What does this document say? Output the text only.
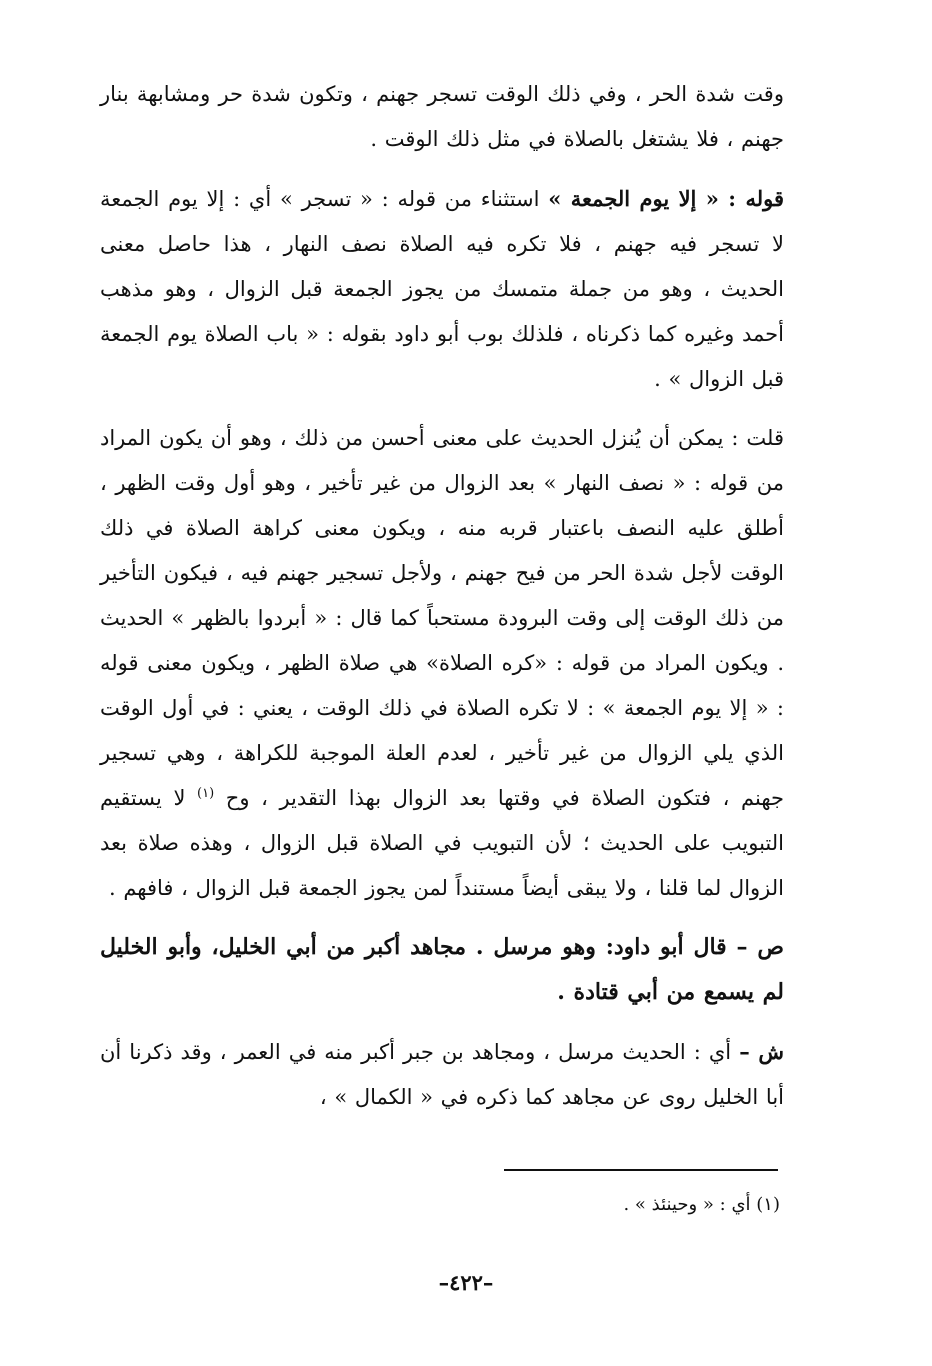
وقت شدة الحر ، وفي ذلك الوقت تسجر جهنم ، وتكون شدة حر ومشابهة بنار جهنم ، فلا يشتغل بالصلاة في مثل ذلك الوقت .

قوله : « إلا يوم الجمعة » استثناء من قوله : « تسجر » أي : إلا يوم الجمعة لا تسجر فيه جهنم ، فلا تكره فيه الصلاة نصف النهار ، هذا حاصل معنى الحديث ، وهو من جملة متمسك من يجوز الجمعة قبل الزوال ، وهو مذهب أحمد وغيره كما ذكرناه ، فلذلك بوب أبو داود بقوله : « باب الصلاة يوم الجمعة قبل الزوال » .

قلت : يمكن أن يُنزل الحديث على معنى أحسن من ذلك ، وهو أن يكون المراد من قوله : « نصف النهار » بعد الزوال من غير تأخير ، وهو أول وقت الظهر ، أطلق عليه النصف باعتبار قربه منه ، ويكون معنى كراهة الصلاة في ذلك الوقت لأجل شدة الحر من فيح جهنم ، ولأجل تسجير جهنم فيه ، فيكون التأخير من ذلك الوقت إلى وقت البرودة مستحباً كما قال : « أبردوا بالظهر » الحديث . ويكون المراد من قوله : «كره الصلاة» هي صلاة الظهر ، ويكون معنى قوله : « إلا يوم الجمعة » : لا تكره الصلاة في ذلك الوقت ، يعني : في أول الوقت الذي يلي الزوال من غير تأخير ، لعدم العلة الموجبة للكراهة ، وهي تسجير جهنم ، فتكون الصلاة في وقتها بعد الزوال بهذا التقدير ، وح $^{(١)}$ لا يستقيم التبويب على الحديث ؛ لأن التبويب في الصلاة قبل الزوال ، وهذه صلاة بعد الزوال لما قلنا ، ولا يبقى أيضاً مستنداً لمن يجوز الجمعة قبل الزوال ، فافهم .

ص – قال أبو داود: وهو مرسل . مجاهد أكبر من أبي الخليل، وأبو الخليل لم يسمع من أبي قتادة .

ش – أي : الحديث مرسل ، ومجاهد بن جبر أكبر منه في العمر ، وقد ذكرنا أن أبا الخليل روى عن مجاهد كما ذكره في « الكمال » ،

(١) أي : « وحينئذ » .
–٤٢٢–
